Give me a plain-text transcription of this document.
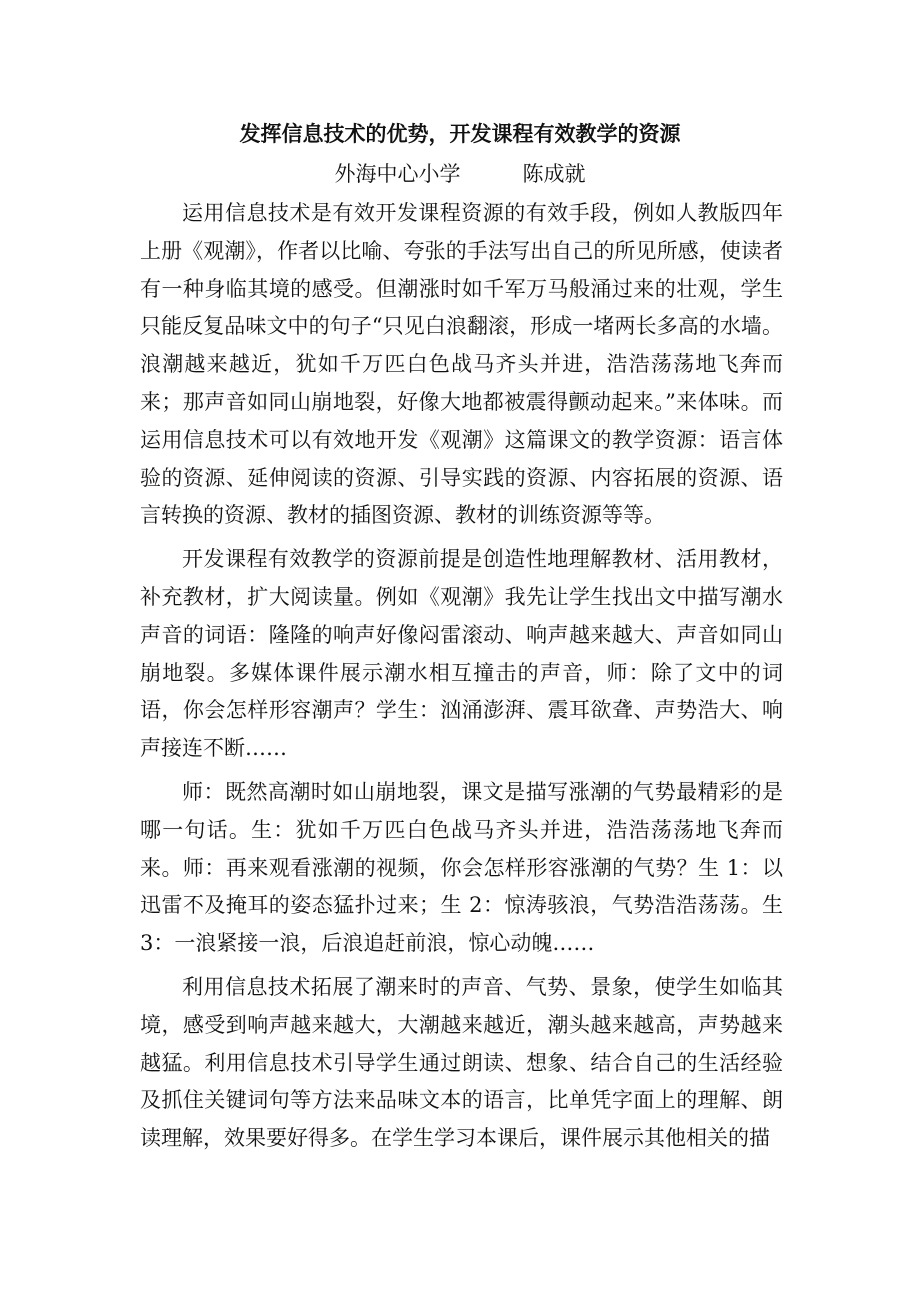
发挥信息技术的优势，开发课程有效教学的资源
外海中心小学	陈成就

运用信息技术是有效开发课程资源的有效手段，例如人教版四年上册《观潮》，作者以比喻、夸张的手法写出自己的所见所感，使读者有一种身临其境的感受。但潮涨时如千军万马般涌过来的壮观，学生只能反复品味文中的句子“只见白浪翻滚，形成一堵两长多高的水墙。浪潮越来越近，犹如千万匹白色战马齐头并进，浩浩荡荡地飞奔而来；那声音如同山崩地裂，好像大地都被震得颤动起来。”来体味。而运用信息技术可以有效地开发《观潮》这篇课文的教学资源：语言体验的资源、延伸阅读的资源、引导实践的资源、内容拓展的资源、语言转换的资源、教材的插图资源、教材的训练资源等等。

开发课程有效教学的资源前提是创造性地理解教材、活用教材，补充教材，扩大阅读量。例如《观潮》我先让学生找出文中描写潮水声音的词语：隆隆的响声好像闷雷滚动、响声越来越大、声音如同山崩地裂。多媒体课件展示潮水相互撞击的声音，师：除了文中的词语，你会怎样形容潮声？学生：汹涌澎湃、震耳欲聋、声势浩大、响声接连不断……

师：既然高潮时如山崩地裂，课文是描写涨潮的气势最精彩的是哪一句话。生：犹如千万匹白色战马齐头并进，浩浩荡荡地飞奔而来。师：再来观看涨潮的视频，你会怎样形容涨潮的气势？生 1：以迅雷不及掩耳的姿态猛扑过来；生 2：惊涛骇浪，气势浩浩荡荡。生 3：一浪紧接一浪，后浪追赶前浪，惊心动魄……

利用信息技术拓展了潮来时的声音、气势、景象，使学生如临其境，感受到响声越来越大，大潮越来越近，潮头越来越高，声势越来越猛。利用信息技术引导学生通过朗读、想象、结合自己的生活经验及抓住关键词句等方法来品味文本的语言，比单凭字面上的理解、朗读理解，效果要好得多。在学生学习本课后，课件展示其他相关的描
